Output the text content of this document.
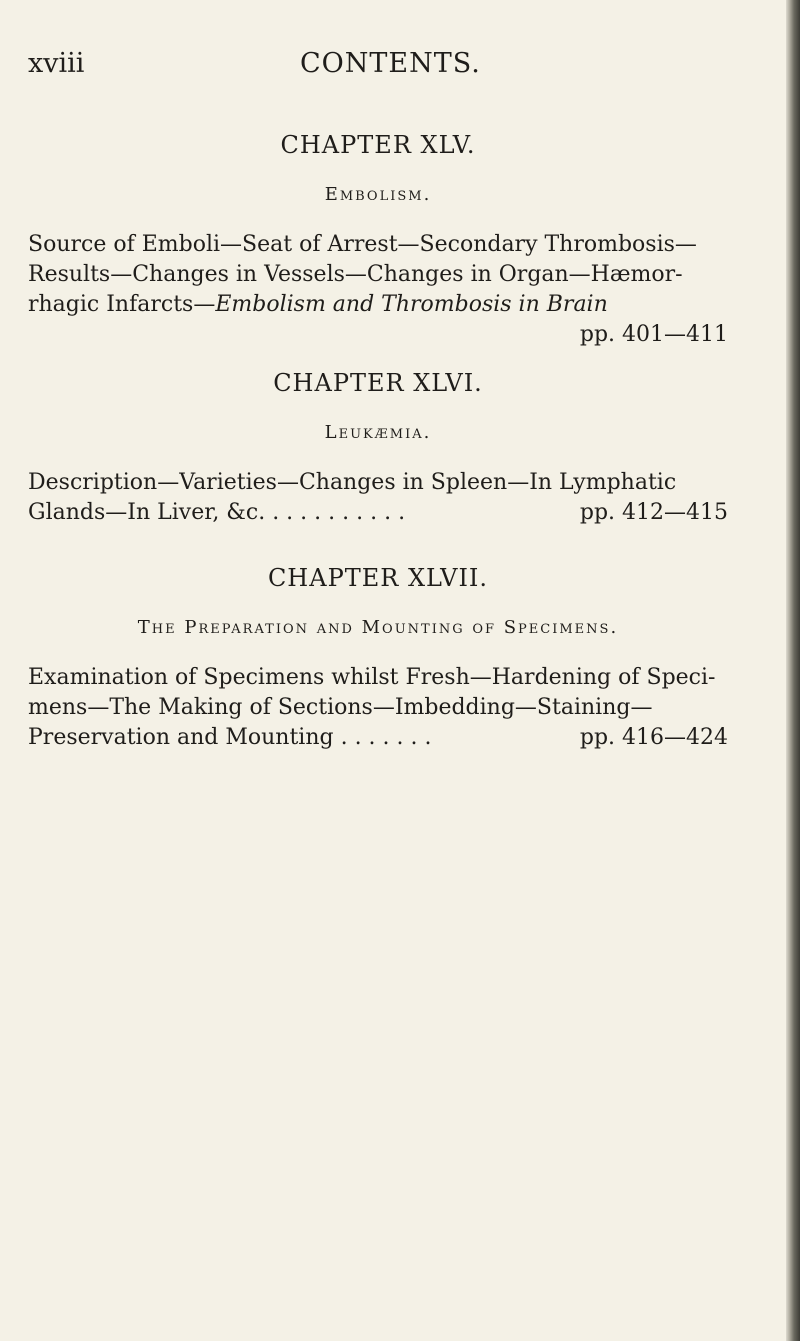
xviii	CONTENTS.
CHAPTER XLV.
Embolism.
Source of Emboli—Seat of Arrest—Secondary Thrombosis—
Results—Changes in Vessels—Changes in Organ—Hæmor-
rhagic Infarcts—Embolism and Thrombosis in Brain
pp. 401—411
CHAPTER XLVI.
Leukæmia.
Description—Varieties—Changes in Spleen—In Lymphatic
Glands—In Liver, &c. . . . . . . . . . .	pp. 412—415
CHAPTER XLVII.
The Preparation and Mounting of Specimens.
Examination of Specimens whilst Fresh—Hardening of Speci-
mens—The Making of Sections—Imbedding—Staining—
Preservation and Mounting . . . . . . .	pp. 416—424
